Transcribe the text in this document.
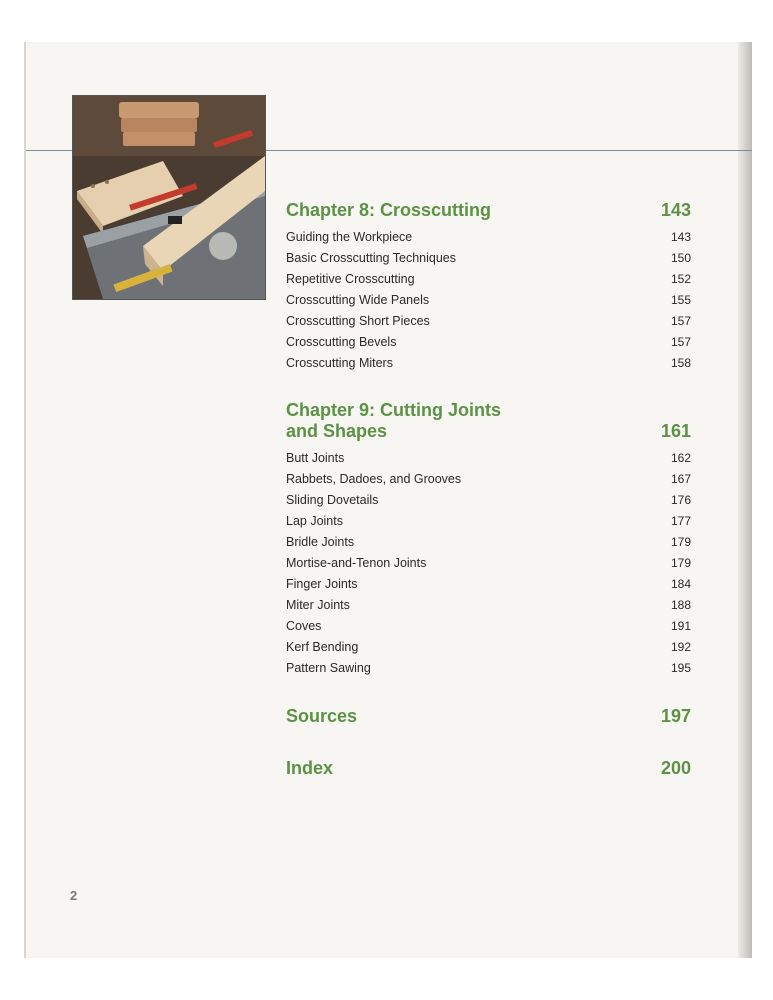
Chapter 8: Crosscutting	143
Guiding the Workpiece	143
Basic Crosscutting Techniques	150
Repetitive Crosscutting	152
Crosscutting Wide Panels	155
Crosscutting Short Pieces	157
Crosscutting Bevels	157
Crosscutting Miters	158
Chapter 9: Cutting Joints
and Shapes	161
Butt Joints	162
Rabbets, Dadoes, and Grooves	167
Sliding Dovetails	176
Lap Joints	177
Bridle Joints	179
Mortise-and-Tenon Joints	179
Finger Joints	184
Miter Joints	188
Coves	191
Kerf Bending	192
Pattern Sawing	195
Sources	197
Index	200
2
